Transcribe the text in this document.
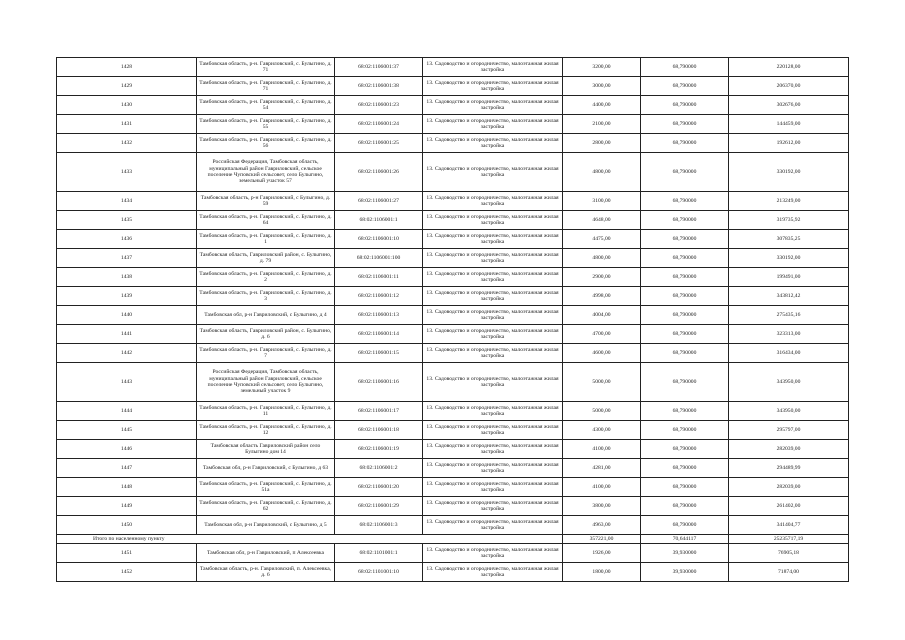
1428	Тамбовская область, р-н. Гавриловский, с. Булыгино, д. 71	68:02:1106001:37	13. Садоводство и огородничество, малоэтажная жилая застройка	3200,00	68,790000	220128,00
1429	Тамбовская область, р-н. Гавриловский, с. Булыгино, д. 71	68:02:1106001:38	13. Садоводство и огородничество, малоэтажная жилая застройка	3000,00	68,790000	206370,00
1430	Тамбовская область, р-н. Гавриловский, с. Булыгино, д. 54	68:02:1106001:23	13. Садоводство и огородничество, малоэтажная жилая застройка	4400,00	68,790000	302676,00
1431	Тамбовская область, р-н. Гавриловский, с. Булыгино, д. 55	68:02:1106001:24	13. Садоводство и огородничество, малоэтажная жилая застройка	2100,00	68,790000	144459,00
1432	Тамбовская область, р-н. Гавриловский, с. Булыгино, д. 56	68:02:1106001:25	13. Садоводство и огородничество, малоэтажная жилая застройка	2800,00	68,790000	192612,00
1433	Российская Федерация, Тамбовская область, муниципальный район Гавриловский, сельское поселение Чуповский сельсовет, село Булыгино, земельный участок 57	68:02:1106001:26	13. Садоводство и огородничество, малоэтажная жилая застройка	4800,00	68,790000	330192,00
1434	Тамбовская область, р-н Гавриловский, с Булыгино, д. 59	68:02:1106001:27	13. Садоводство и огородничество, малоэтажная жилая застройка	3100,00	68,790000	213249,00
1435	Тамбовская область, р-н. Гавриловский, с. Булыгино, д. 64	68:02:1106001:1	13. Садоводство и огородничество, малоэтажная жилая застройка	4648,00	68,790000	319735,92
1436	Тамбовская область, р-н. Гавриловский, с. Булыгино, д. 1	68:02:1106001:10	13. Садоводство и огородничество, малоэтажная жилая застройка	4475,00	68,790000	307835,25
1437	Тамбовская область, Гавриловский район, с. Булыгино, д. 79	68:02:1106001:100	13. Садоводство и огородничество, малоэтажная жилая застройка	4800,00	68,790000	330192,00
1438	Тамбовская область, р-н. Гавриловский, с. Булыгино, д. 2	68:02:1106001:11	13. Садоводство и огородничество, малоэтажная жилая застройка	2900,00	68,790000	199491,00
1439	Тамбовская область, р-н. Гавриловский, с. Булыгино, д. 3	68:02:1106001:12	13. Садоводство и огородничество, малоэтажная жилая застройка	4998,00	68,790000	343812,42
1440	Тамбовская обл, р-н Гавриловский, с Булыгино, д 4	68:02:1106001:13	13. Садоводство и огородничество, малоэтажная жилая застройка	4004,00	68,790000	275435,16
1441	Тамбовская область, Гавриловский район, с. Булыгино, д. 6	68:02:1106001:14	13. Садоводство и огородничество, малоэтажная жилая застройка	4700,00	68,790000	323313,00
1442	Тамбовская область, р-н. Гавриловский, с. Булыгино, д. 7	68:02:1106001:15	13. Садоводство и огородничество, малоэтажная жилая застройка	4600,00	68,790000	316434,00
1443	Российская Федерация, Тамбовская область, муниципальный район Гавриловский, сельское поселение Чуповский сельсовет, село Булыгино, земельный участок 9	68:02:1106001:16	13. Садоводство и огородничество, малоэтажная жилая застройка	5000,00	68,790000	343950,00
1444	Тамбовская область, р-н. Гавриловский, с. Булыгино, д. 11	68:02:1106001:17	13. Садоводство и огородничество, малоэтажная жилая застройка	5000,00	68,790000	343950,00
1445	Тамбовская область, р-н. Гавриловский, с. Булыгино, д. 12	68:02:1106001:18	13. Садоводство и огородничество, малоэтажная жилая застройка	4300,00	68,790000	295797,00
1446	Тамбовская область Гавриловский район село Булыгино дом 14	68:02:1106001:19	13. Садоводство и огородничество, малоэтажная жилая застройка	4100,00	68,790000	282039,00
1447	Тамбовская обл, р-н Гавриловский, с Булыгино, д 63	68:02:1106001:2	13. Садоводство и огородничество, малоэтажная жилая застройка	4281,00	68,790000	294489,99
1448	Тамбовская область, р-н. Гавриловский, с. Булыгино, д. 51а	68:02:1106001:20	13. Садоводство и огородничество, малоэтажная жилая застройка	4100,00	68,790000	282039,00
1449	Тамбовская область, р-н. Гавриловский, с. Булыгино, д. 62	68:02:1106001:29	13. Садоводство и огородничество, малоэтажная жилая застройка	3800,00	68,790000	261402,00
1450	Тамбовская обл, р-н Гавриловский, с Булыгино, д 5	68:02:1106001:3	13. Садоводство и огородничество, малоэтажная жилая застройка	4963,00	68,790000	341404,77
Итого по населенному пункту				357221,00	70,644117	25235717,19
1451	Тамбовская обл, р-н Гавриловский, п Алексеевка	68:02:1101001:1	13. Садоводство и огородничество, малоэтажная жилая застройка	1926,00	39,930000	76905,18
1452	Тамбовская область, р-н. Гавриловский, п. Алексеевка, д. 6	68:02:1101001:10	13. Садоводство и огородничество, малоэтажная жилая застройка	1800,00	39,930000	71874,00
